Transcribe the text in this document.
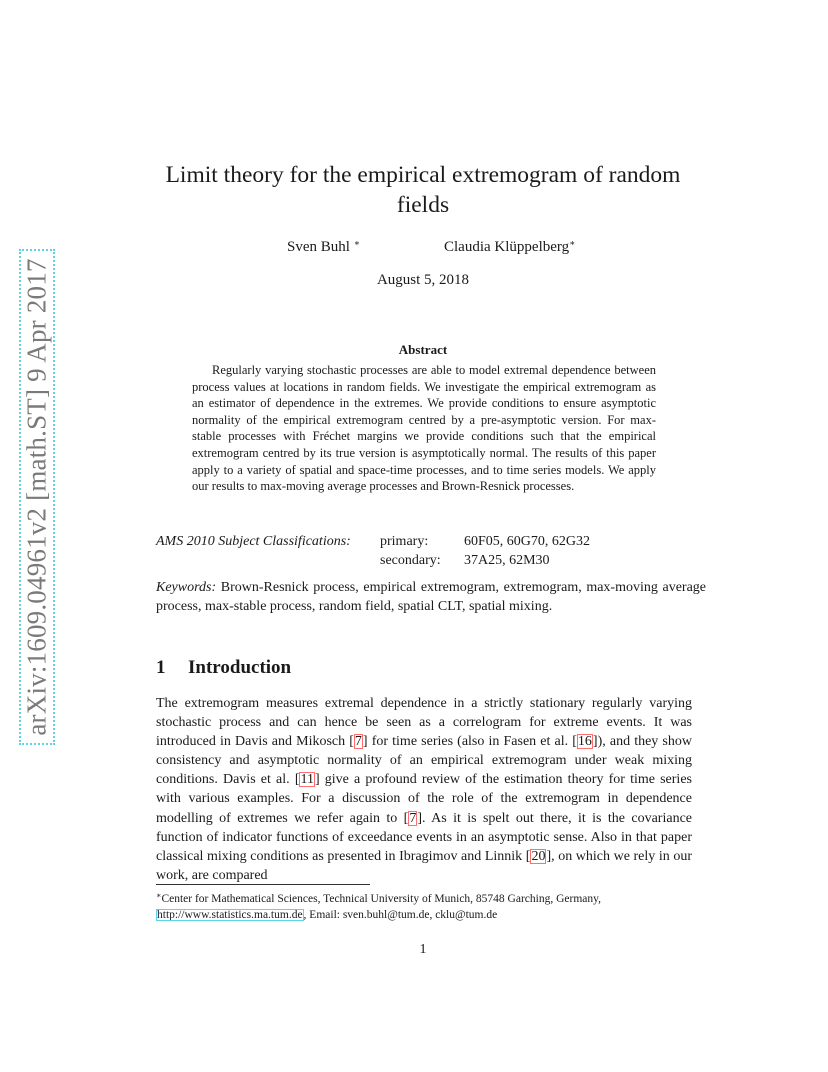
arXiv:1609.04961v2 [math.ST] 9 Apr 2017
Limit theory for the empirical extremogram of random fields
Sven Buhl ∗	Claudia Klüppelberg∗
August 5, 2018
Abstract

Regularly varying stochastic processes are able to model extremal dependence between process values at locations in random fields. We investigate the empirical extremogram as an estimator of dependence in the extremes. We provide conditions to ensure asymptotic normality of the empirical extremogram centred by a pre-asymptotic version. For max-stable processes with Fréchet margins we provide conditions such that the empirical extremogram centred by its true version is asymptotically normal. The results of this paper apply to a variety of spatial and space-time processes, and to time series models. We apply our results to max-moving average processes and Brown-Resnick processes.

AMS 2010 Subject Classifications:	primary:	60F05, 60G70, 62G32
secondary:	37A25, 62M30

Keywords: Brown-Resnick process, empirical extremogram, extremogram, max-moving average process, max-stable process, random field, spatial CLT, spatial mixing.

1 Introduction

The extremogram measures extremal dependence in a strictly stationary regularly varying stochastic process and can hence be seen as a correlogram for extreme events. It was introduced in Davis and Mikosch [7] for time series (also in Fasen et al. [16]), and they show consistency and asymptotic normality of an empirical extremogram under weak mixing conditions. Davis et al. [11] give a profound review of the estimation theory for time series with various examples. For a discussion of the role of the extremogram in dependence modelling of extremes we refer again to [7]. As it is spelt out there, it is the covariance function of indicator functions of exceedance events in an asymptotic sense. Also in that paper classical mixing conditions as presented in Ibragimov and Linnik [20], on which we rely in our work, are compared

∗Center for Mathematical Sciences, Technical University of Munich, 85748 Garching, Germany,
http://www.statistics.ma.tum.de, Email: sven.buhl@tum.de, cklu@tum.de

1
